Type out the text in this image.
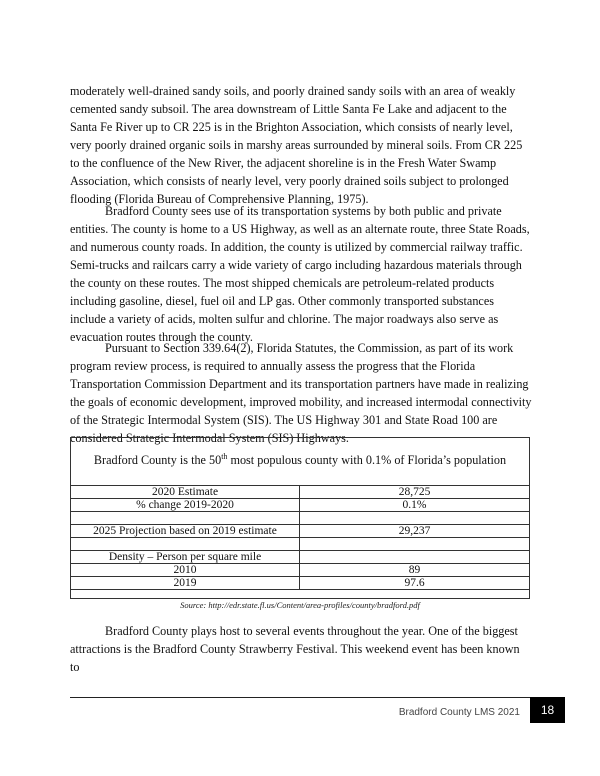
moderately well-drained sandy soils, and poorly drained sandy soils with an area of weakly cemented sandy subsoil. The area downstream of Little Santa Fe Lake and adjacent to the Santa Fe River up to CR 225 is in the Brighton Association, which consists of nearly level, very poorly drained organic soils in marshy areas surrounded by mineral soils. From CR 225 to the confluence of the New River, the adjacent shoreline is in the Fresh Water Swamp Association, which consists of nearly level, very poorly drained soils subject to prolonged flooding (Florida Bureau of Comprehensive Planning, 1975).

Bradford County sees use of its transportation systems by both public and private entities. The county is home to a US Highway, as well as an alternate route, three State Roads, and numerous county roads. In addition, the county is utilized by commercial railway traffic. Semi-trucks and railcars carry a wide variety of cargo including hazardous materials through the county on these routes. The most shipped chemicals are petroleum-related products including gasoline, diesel, fuel oil and LP gas. Other commonly transported substances include a variety of acids, molten sulfur and chlorine. The major roadways also serve as evacuation routes through the county.

Pursuant to Section 339.64(2), Florida Statutes, the Commission, as part of its work program review process, is required to annually assess the progress that the Florida Transportation Commission Department and its transportation partners have made in realizing the goals of economic development, improved mobility, and increased intermodal connectivity of the Strategic Intermodal System (SIS). The US Highway 301 and State Road 100 are considered Strategic Intermodal System (SIS) Highways.

Bradford County is the 50th most populous county with 0.1% of Florida’s population
2020 Estimate	28,725
% change 2019-2020	0.1%

2025 Projection based on 2019 estimate	29,237

Density – Person per square mile	
2010	89
2019	97.6
Source: http://edr.state.fl.us/Content/area-profiles/county/bradford.pdf

Bradford County plays host to several events throughout the year. One of the biggest attractions is the Bradford County Strawberry Festival. This weekend event has been known to

Bradford County LMS 2021	18
